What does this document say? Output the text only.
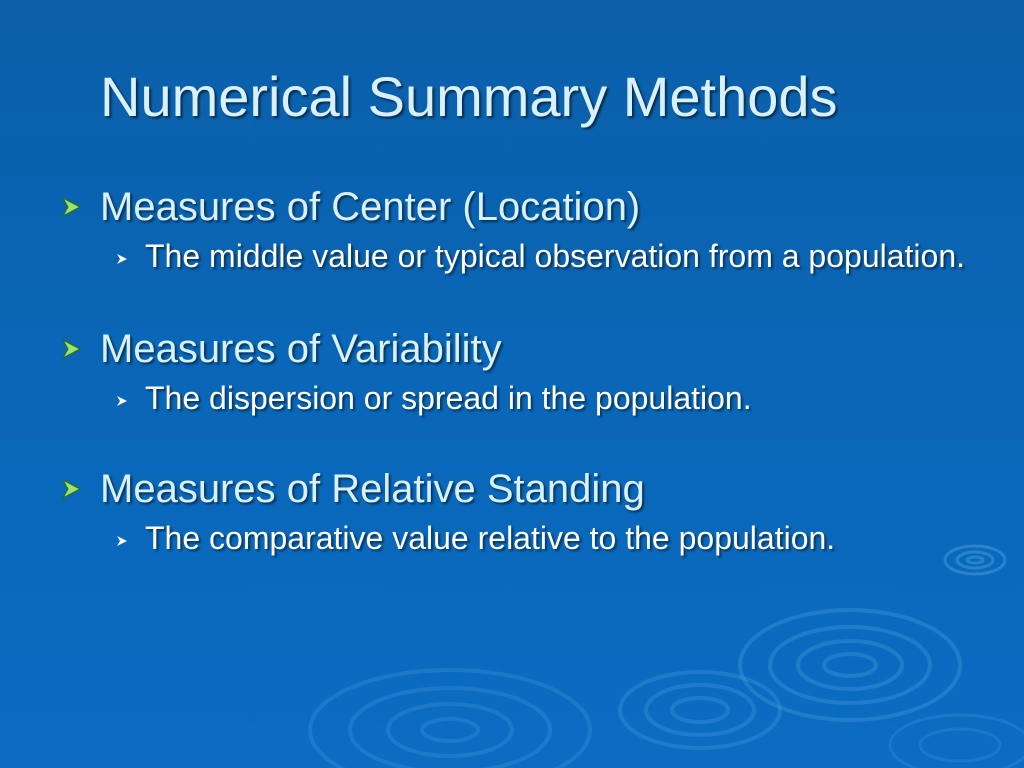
Numerical Summary Methods
Measures of Center (Location)
The middle value or typical observation from a population.
Measures of Variability
The dispersion or spread in the population.
Measures of Relative Standing
The comparative value relative to the population.
